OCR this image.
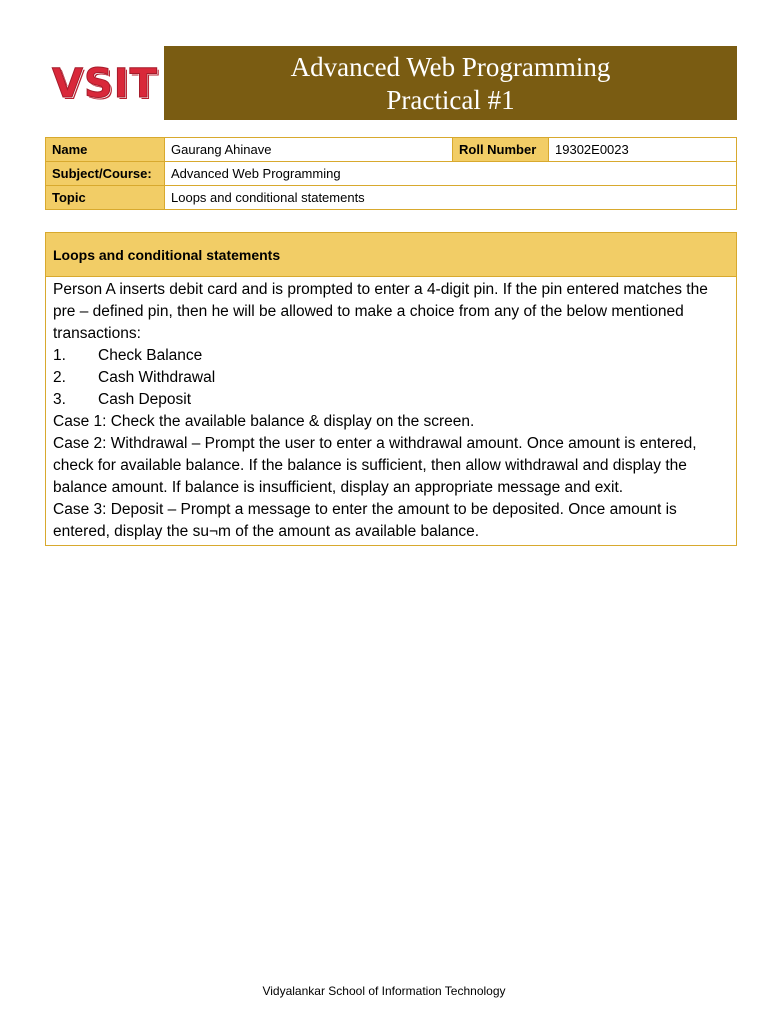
VSIT	Advanced Web Programming
Practical #1
Name	Gaurang Ahinave	Roll Number	19302E0023
Subject/Course:	Advanced Web Programming		
Topic	Loops and conditional statements		
Loops and conditional statements

Person A inserts debit card and is prompted to enter a 4-digit pin. If the pin entered matches the pre – defined pin, then he will be allowed to make a choice from any of the below mentioned transactions:

1.	Check Balance
2.	Cash Withdrawal
3.	Cash Deposit

Case 1: Check the available balance & display on the screen.

Case 2: Withdrawal – Prompt the user to enter a withdrawal amount. Once amount is entered, check for available balance. If the balance is sufficient, then allow withdrawal and display the balance amount. If balance is insufficient, display an appropriate message and exit.

Case 3: Deposit – Prompt a message to enter the amount to be deposited. Once amount is entered, display the su¬m of the amount as available balance.

Vidyalankar School of Information Technology
